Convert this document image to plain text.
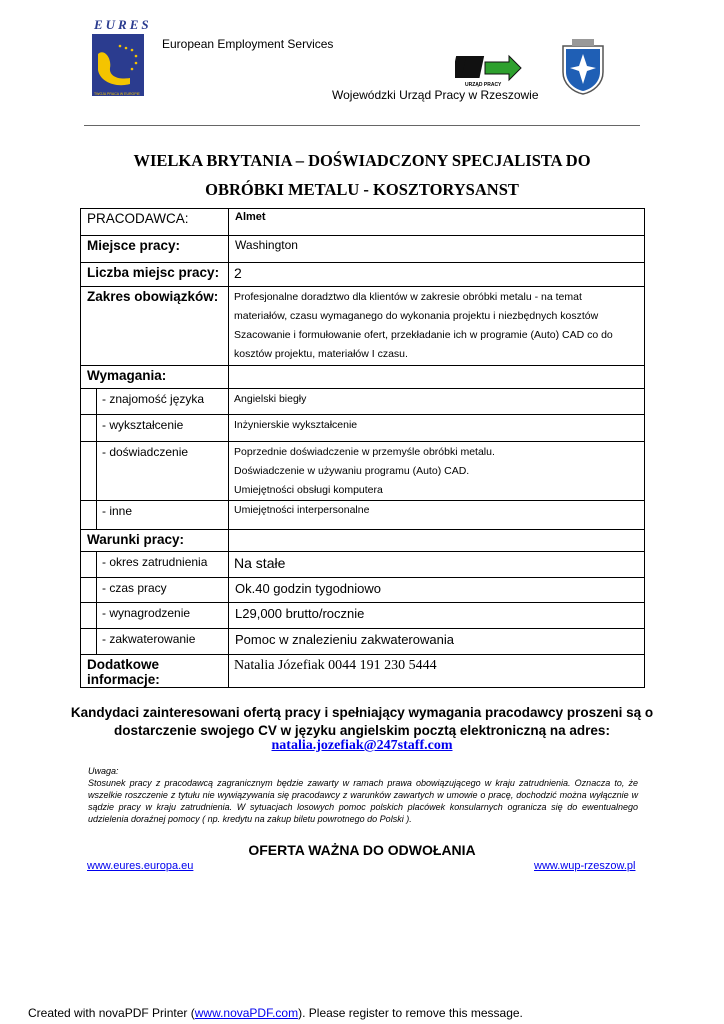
EURES
TWOJA PRACA W EUROPIE
European Employment Services
URZĄD PRACY
Wojewódzki Urząd Pracy w Rzeszowie
WIELKA BRYTANIA – DOŚWIADCZONY SPECJALISTA DO
OBRÓBKI METALU - KOSZTORYSANST
PRACODAWCA:		Almet
Miejsce pracy:		Washington
Liczba miejsc pracy:		2
Zakres obowiązków:		Profesjonalne doradztwo dla klientów w zakresie obróbki metalu - na temat
materiałów, czasu wymaganego do wykonania projektu i niezbędnych kosztów
Szacowanie i formułowanie ofert, przekładanie ich w programie (Auto) CAD co do
kosztów projektu, materiałów I czasu.

Wymagania:		
	- znajomość języka	Angielski biegły
	- wykształcenie	Inżynierskie wykształcenie
	- doświadczenie	Poprzednie doświadczenie w przemyśle obróbki metalu.
Doświadczenie w używaniu programu (Auto) CAD.
Umiejętności obsługi komputera

	- inne	Umiejętności interpersonalne
Warunki pracy:		
	- okres zatrudnienia	Na stałe
	- czas pracy	Ok.40 godzin tygodniowo
	- wynagrodzenie	L29,000 brutto/rocznie
	- zakwaterowanie	Pomoc w znalezieniu zakwaterowania
Dodatkowe informacje:		Natalia Józefiak 0044 191 230 5444
Kandydaci zainteresowani ofertą pracy i spełniający wymagania pracodawcy proszeni są o
dostarczenie swojego CV w języku angielskim pocztą elektroniczną na adres:
natalia.jozefiak@247staff.com
Uwaga:
Stosunek pracy z pracodawcą zagranicznym będzie zawarty w ramach prawa obowiązującego w kraju zatrudnienia. Oznacza to, że wszelkie roszczenie z tytułu nie wywiązywania się pracodawcy z warunków zawartych w umowie o pracę, dochodzić można wyłącznie w sądzie pracy w kraju zatrudnienia. W sytuacjach losowych pomoc polskich placówek konsularnych ogranicza się do ewentualnego udzielenia doraźnej pomocy ( np. kredytu na zakup biletu powrotnego do Polski ).
OFERTA WAŻNA DO ODWOŁANIA
www.eures.europa.eu	www.wup-rzeszow.pl
Created with novaPDF Printer (www.novaPDF.com). Please register to remove this message.
